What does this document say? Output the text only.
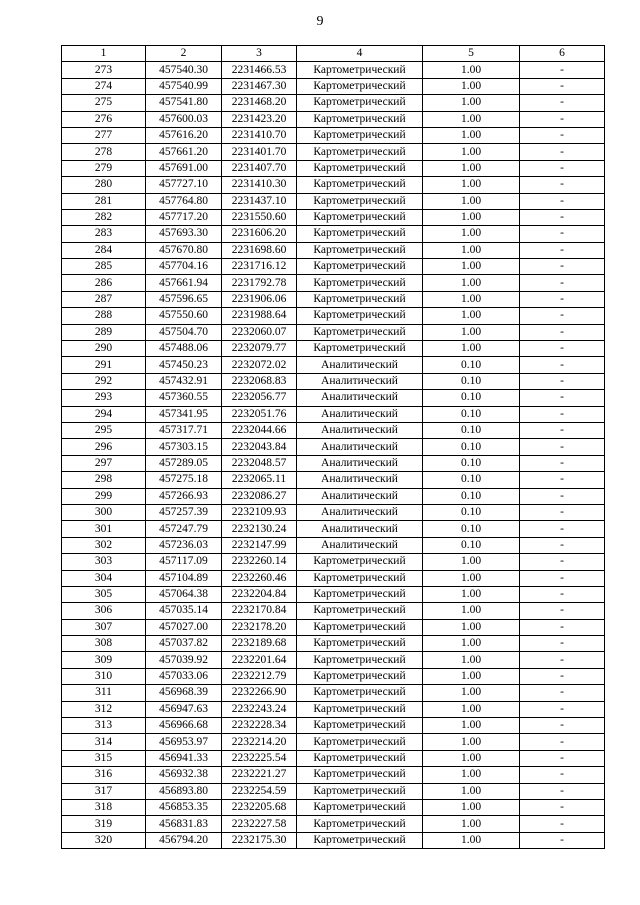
9
1	2	3	4	5	6
273	457540.30	2231466.53	Картометрический	1.00	-
274	457540.99	2231467.30	Картометрический	1.00	-
275	457541.80	2231468.20	Картометрический	1.00	-
276	457600.03	2231423.20	Картометрический	1.00	-
277	457616.20	2231410.70	Картометрический	1.00	-
278	457661.20	2231401.70	Картометрический	1.00	-
279	457691.00	2231407.70	Картометрический	1.00	-
280	457727.10	2231410.30	Картометрический	1.00	-
281	457764.80	2231437.10	Картометрический	1.00	-
282	457717.20	2231550.60	Картометрический	1.00	-
283	457693.30	2231606.20	Картометрический	1.00	-
284	457670.80	2231698.60	Картометрический	1.00	-
285	457704.16	2231716.12	Картометрический	1.00	-
286	457661.94	2231792.78	Картометрический	1.00	-
287	457596.65	2231906.06	Картометрический	1.00	-
288	457550.60	2231988.64	Картометрический	1.00	-
289	457504.70	2232060.07	Картометрический	1.00	-
290	457488.06	2232079.77	Картометрический	1.00	-
291	457450.23	2232072.02	Аналитический	0.10	-
292	457432.91	2232068.83	Аналитический	0.10	-
293	457360.55	2232056.77	Аналитический	0.10	-
294	457341.95	2232051.76	Аналитический	0.10	-
295	457317.71	2232044.66	Аналитический	0.10	-
296	457303.15	2232043.84	Аналитический	0.10	-
297	457289.05	2232048.57	Аналитический	0.10	-
298	457275.18	2232065.11	Аналитический	0.10	-
299	457266.93	2232086.27	Аналитический	0.10	-
300	457257.39	2232109.93	Аналитический	0.10	-
301	457247.79	2232130.24	Аналитический	0.10	-
302	457236.03	2232147.99	Аналитический	0.10	-
303	457117.09	2232260.14	Картометрический	1.00	-
304	457104.89	2232260.46	Картометрический	1.00	-
305	457064.38	2232204.84	Картометрический	1.00	-
306	457035.14	2232170.84	Картометрический	1.00	-
307	457027.00	2232178.20	Картометрический	1.00	-
308	457037.82	2232189.68	Картометрический	1.00	-
309	457039.92	2232201.64	Картометрический	1.00	-
310	457033.06	2232212.79	Картометрический	1.00	-
311	456968.39	2232266.90	Картометрический	1.00	-
312	456947.63	2232243.24	Картометрический	1.00	-
313	456966.68	2232228.34	Картометрический	1.00	-
314	456953.97	2232214.20	Картометрический	1.00	-
315	456941.33	2232225.54	Картометрический	1.00	-
316	456932.38	2232221.27	Картометрический	1.00	-
317	456893.80	2232254.59	Картометрический	1.00	-
318	456853.35	2232205.68	Картометрический	1.00	-
319	456831.83	2232227.58	Картометрический	1.00	-
320	456794.20	2232175.30	Картометрический	1.00	-
